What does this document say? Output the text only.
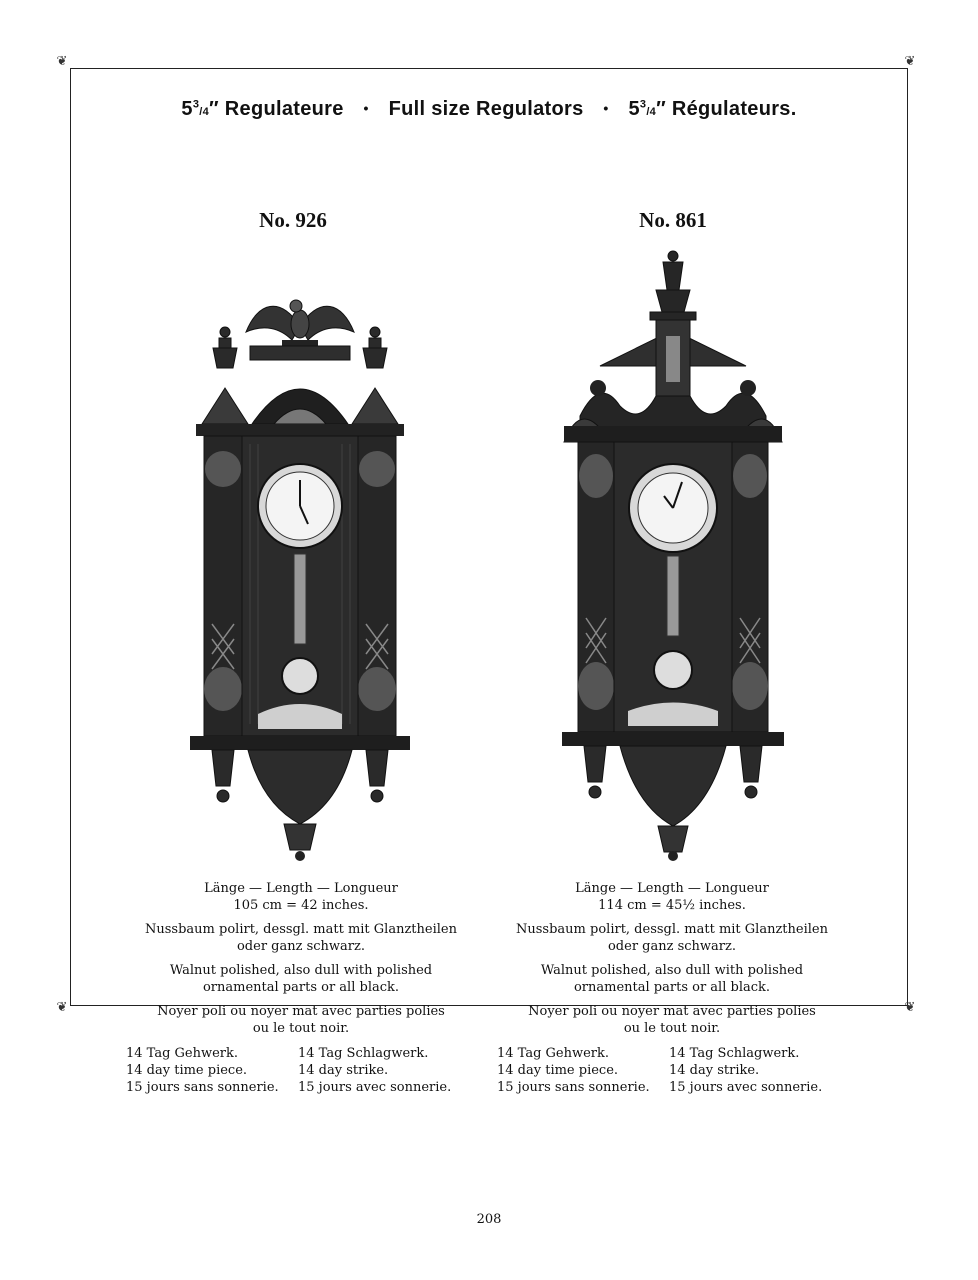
❦	❦
❦	❦
$5^3/4''$ Regulateure • Full size Regulators • $5^3/4''$ Régulateurs.
No. 926	No. 861

Länge — Length — Longueur
105 cm = 42 inches.

Nussbaum polirt, dessgl. matt mit Glanztheilen
oder ganz schwarz.

Walnut polished, also dull with polished
ornamental parts or all black.

Noyer poli ou noyer mat avec parties polies
ou le tout noir.

14 Tag Gehwerk.
14 day time piece.
15 jours sans sonnerie.
14 Tag Schlagwerk.
14 day strike.
15 jours avec sonnerie.

Länge — Length — Longueur
114 cm = 45½ inches.

Nussbaum polirt, dessgl. matt mit Glanztheilen
oder ganz schwarz.

Walnut polished, also dull with polished
ornamental parts or all black.

Noyer poli ou noyer mat avec parties polies
ou le tout noir.

14 Tag Gehwerk.
14 day time piece.
15 jours sans sonnerie.
14 Tag Schlagwerk.
14 day strike.
15 jours avec sonnerie.
208
